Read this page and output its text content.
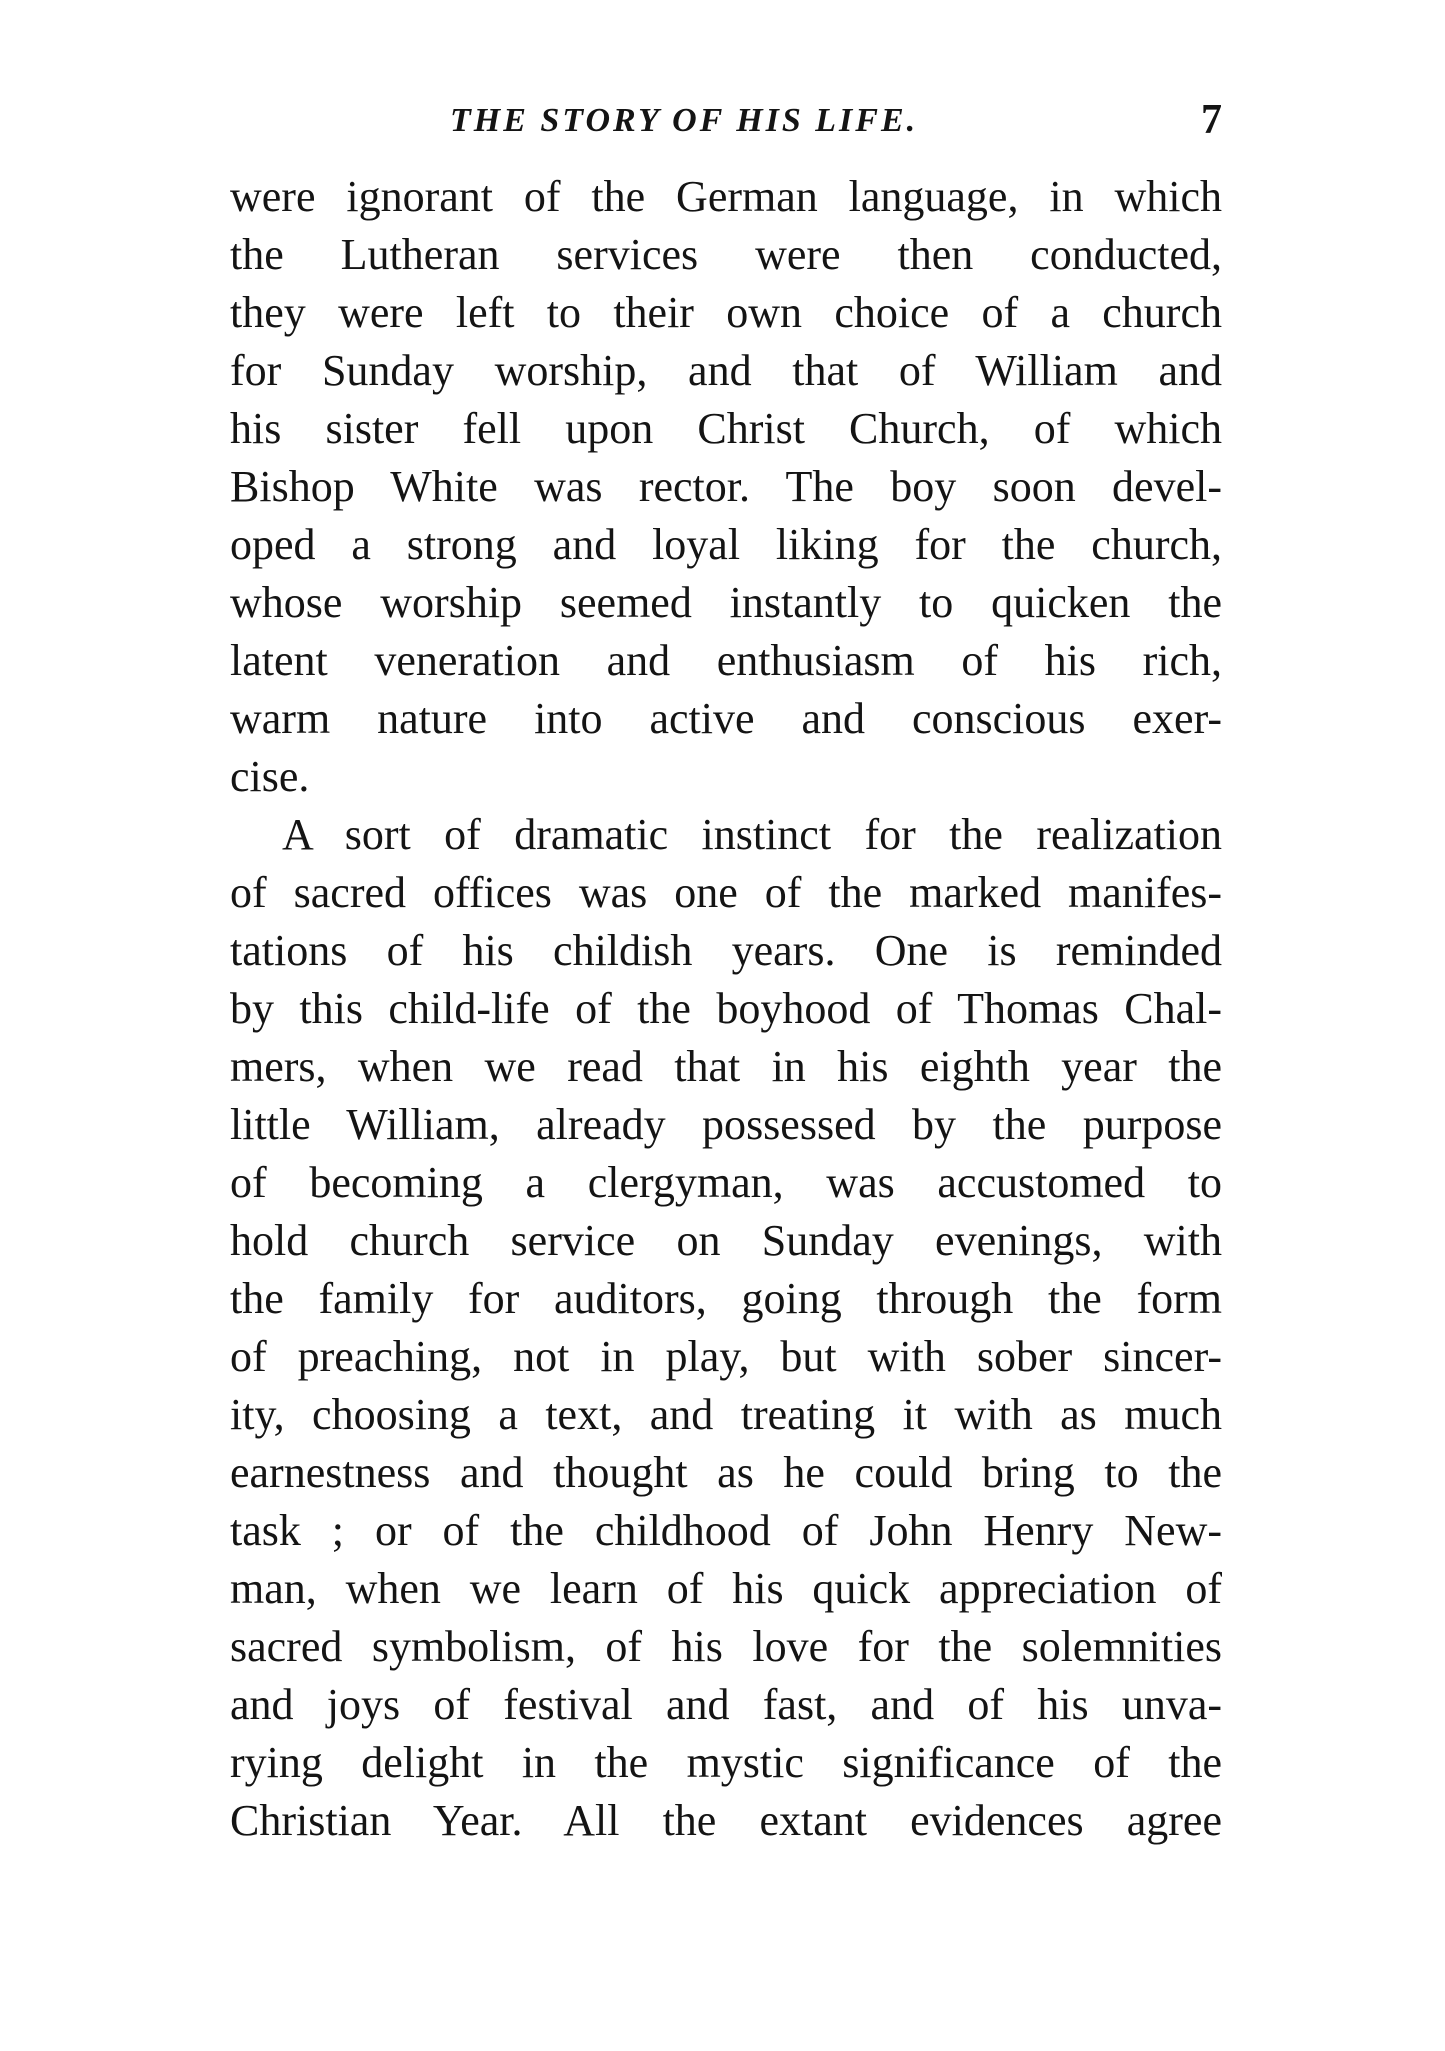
THE STORY OF HIS LIFE.	7
were ignorant of the German language, in which
the Lutheran services were then conducted,
they were left to their own choice of a church
for Sunday worship, and that of William and
his sister fell upon Christ Church, of which
Bishop White was rector. The boy soon devel-
oped a strong and loyal liking for the church,
whose worship seemed instantly to quicken the
latent veneration and enthusiasm of his rich,
warm nature into active and conscious exer-
cise.
A sort of dramatic instinct for the realization
of sacred offices was one of the marked manifes-
tations of his childish years. One is reminded
by this child-life of the boyhood of Thomas Chal-
mers, when we read that in his eighth year the
little William, already possessed by the purpose
of becoming a clergyman, was accustomed to
hold church service on Sunday evenings, with
the family for auditors, going through the form
of preaching, not in play, but with sober sincer-
ity, choosing a text, and treating it with as much
earnestness and thought as he could bring to the
task ; or of the childhood of John Henry New-
man, when we learn of his quick appreciation of
sacred symbolism, of his love for the solemnities
and joys of festival and fast, and of his unva-
rying delight in the mystic significance of the
Christian Year. All the extant evidences agree
